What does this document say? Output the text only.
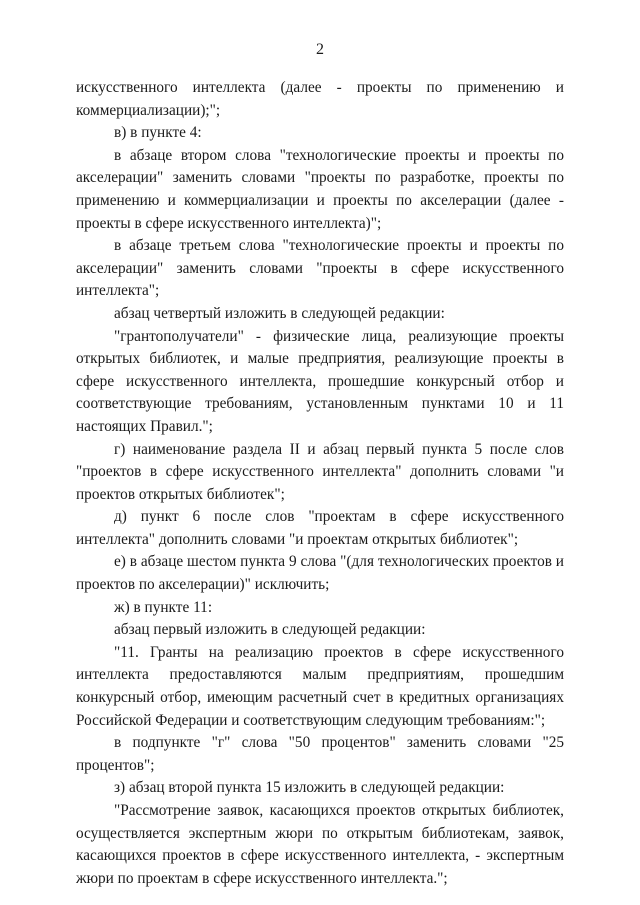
2

искусственного интеллекта (далее - проекты по применению и коммерциализации);";

в) в пункте 4:

в абзаце втором слова "технологические проекты и проекты по акселерации" заменить словами "проекты по разработке, проекты по применению и коммерциализации и проекты по акселерации (далее - проекты в сфере искусственного интеллекта)";

в абзаце третьем слова "технологические проекты и проекты по акселерации" заменить словами "проекты в сфере искусственного интеллекта";

абзац четвертый изложить в следующей редакции:

"грантополучатели" - физические лица, реализующие проекты открытых библиотек, и малые предприятия, реализующие проекты в сфере искусственного интеллекта, прошедшие конкурсный отбор и соответствующие требованиям, установленным пунктами 10 и 11 настоящих Правил.";

г) наименование раздела II и абзац первый пункта 5 после слов "проектов в сфере искусственного интеллекта" дополнить словами "и проектов открытых библиотек";

д) пункт 6 после слов "проектам в сфере искусственного интеллекта" дополнить словами "и проектам открытых библиотек";

е) в абзаце шестом пункта 9 слова "(для технологических проектов и проектов по акселерации)" исключить;

ж) в пункте 11:

абзац первый изложить в следующей редакции:

"11. Гранты на реализацию проектов в сфере искусственного интеллекта предоставляются малым предприятиям, прошедшим конкурсный отбор, имеющим расчетный счет в кредитных организациях Российской Федерации и соответствующим следующим требованиям:";

в подпункте "г" слова "50 процентов" заменить словами "25 процентов";

з) абзац второй пункта 15 изложить в следующей редакции:

"Рассмотрение заявок, касающихся проектов открытых библиотек, осуществляется экспертным жюри по открытым библиотекам, заявок, касающихся проектов в сфере искусственного интеллекта, - экспертным жюри по проектам в сфере искусственного интеллекта.";
